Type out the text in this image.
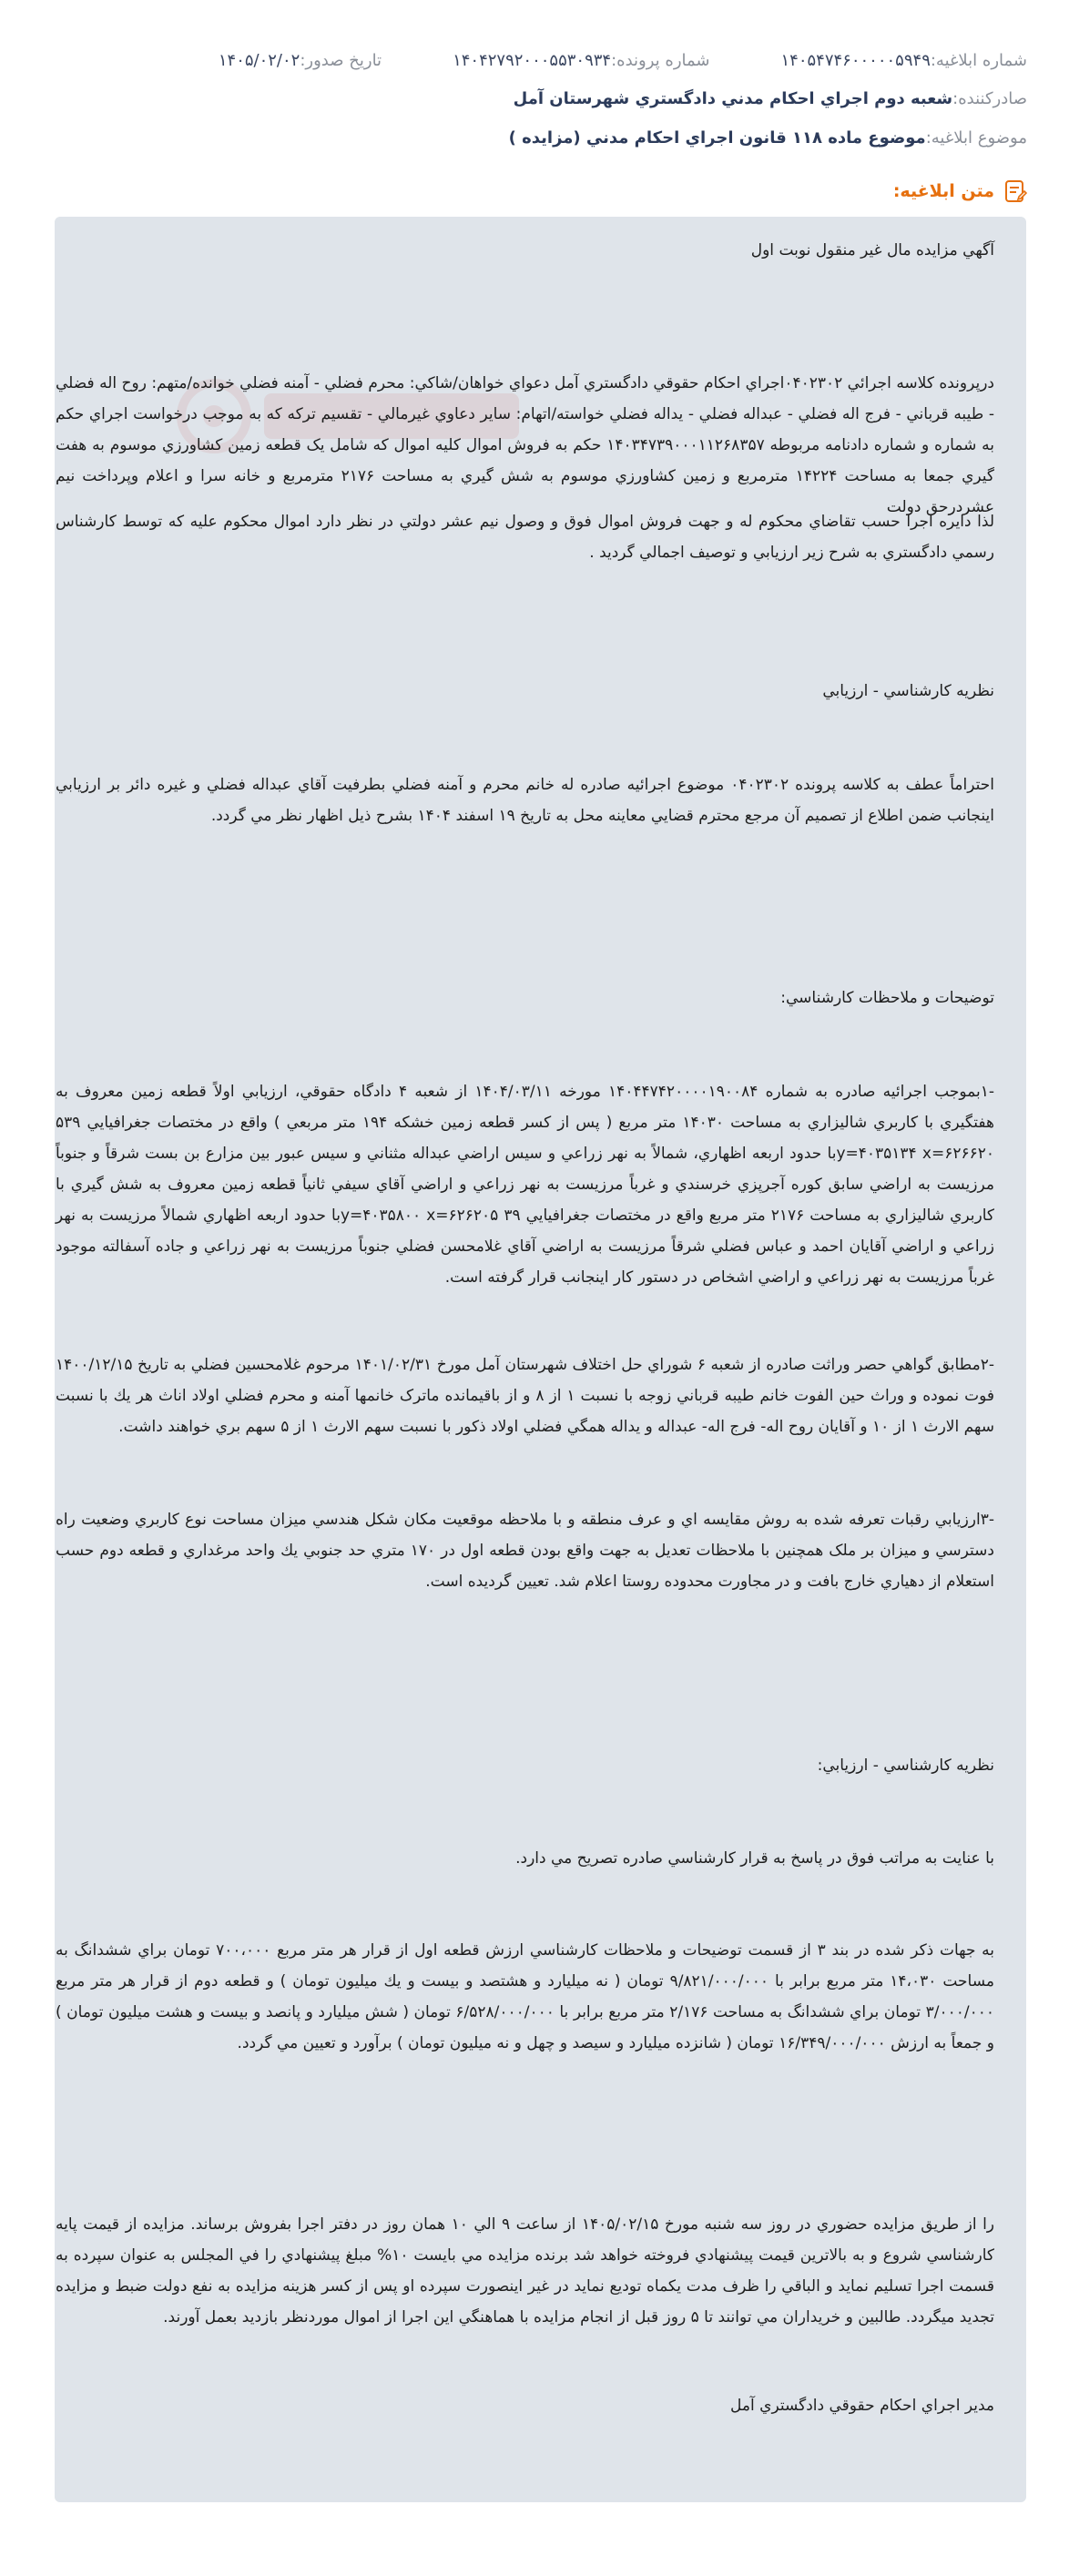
شماره ابلاغيه:
۱۴۰۵۴۷۴۶۰۰۰۰۰۵۹۴۹
شماره پرونده:
۱۴۰۴۲۷۹۲۰۰۰۵۵۳۰۹۳۴
تاريخ صدور:
۱۴۰۵/۰۲/۰۲
صادرکننده:
شعبه دوم اجراي احكام مدني دادگستري شهرستان آمل
موضوع ابلاغيه:
موضوع ماده ۱۱۸ قانون اجراي احکام مدني (مزايده )
متن ابلاغيه:
آگهي مزايده مال غير منقول نوبت اول
درپرونده كلاسه اجرائي ۰۴۰۲۳۰۲اجراي احكام حقوقي دادگستري آمل دعواي خواهان/شاكي: محرم فضلي - آمنه فضلي خوانده/متهم: روح اله فضلي - طيبه قرباني - فرج اله فضلي - عبداله فضلي - يداله فضلي خواسته/اتهام: ساير دعاوي غيرمالي - تقسيم ترکه که به موجب درخواست اجراي حکم به شماره و شماره دادنامه مربوطه ۱۴۰۳۴۷۳۹۰۰۰۱۱۲۶۸۳۵۷ حكم به فروش اموال كليه اموال كه شامل يک قطعه زمين کشاورزي موسوم به هفت گيري جمعا به مساحت ۱۴۲۲۴ مترمربع و زمين کشاورزي موسوم به شش گيري به مساحت ۲۱۷۶ مترمربع و خانه سرا و اعلام وپرداخت نيم عشردرحق دولت
لذا دايره اجرا حسب تقاضاي محكوم له و جهت فروش اموال فوق و وصول نيم عشر دولتي در نظر دارد اموال محكوم عليه كه توسط كارشناس رسمي دادگستري به شرح زير ارزيابي و توصيف اجمالي گرديد .
نظريه کارشناسي - ارزيابي
احتراماً عطف به کلاسه پرونده ۰۴۰۲۳۰۲ موضوع اجرائيه صادره له خانم محرم و آمنه فضلي بطرفيت آقاي عبداله فضلي و غيره دائر بر ارزيابي اينجانب ضمن اطلاع از تصميم آن مرجع محترم قضايي معاينه محل به تاريخ ۱۹ اسفند ۱۴۰۴ بشرح ذيل اظهار نظر مي گردد.
توضيحات و ملاحظات کارشناسي:
-۱بموجب اجرائيه صادره به شماره ۱۴۰۴۴۷۴۲۰۰۰۰۱۹۰۰۸۴ مورخه ۱۴۰۴/۰۳/۱۱ از شعبه ۴ دادگاه حقوقي، ارزيابي اولاً قطعه زمين معروف به هفتگيري با کاربري شاليزاري به مساحت ۱۴۰۳۰ متر مربع ( پس از کسر قطعه زمين خشکه ۱۹۴ متر مربعي ) واقع در مختصات جغرافيايي ۵۳۹ y=۴۰۳۵۱۳۴ x=۶۲۶۶۲۰با حدود اربعه اظهاري، شمالاً به نهر زراعي و سيس اراضي عبداله مثناني و سيس عبور بين مزارع بن بست شرقاً و جنوباً مرزيست به اراضي سابق کوره آجرپزي خرسندي و غرباً مرزيست به نهر زراعي و اراضي آقاي سيفي ثانياً قطعه زمين معروف به شش گيري با کاربري شاليزاري به مساحت ۲۱۷۶ متر مربع واقع در مختصات جغرافيايي ۳۹ y=۴۰۳۵۸۰۰ x=۶۲۶۲۰۵با حدود اربعه اظهاري شمالاً مرزيست به نهر زراعي و اراضي آقايان احمد و عباس فضلي شرقاً مرزيست به اراضي آقاي غلامحسن فضلي جنوباً مرزيست به نهر زراعي و جاده آسفالته موجود غرباً مرزيست به نهر زراعي و اراضي اشخاص در دستور کار اينجانب قرار گرفته است.
-۲مطابق گواهي حصر وراثت صادره از شعبه ۶ شوراي حل اختلاف شهرستان آمل مورخ ۱۴۰۱/۰۲/۳۱ مرحوم غلامحسين فضلي به تاريخ ۱۴۰۰/۱۲/۱۵ فوت نموده و وراث حين الفوت خانم طيبه قرباني زوجه با نسبت ۱ از ۸ و از باقيمانده ماترک خانمها آمنه و محرم فضلي اولاد اناث هر يك با نسبت سهم الارث ۱ از ۱۰ و آقايان روح اله- فرج اله- عبداله و يداله همگي فضلي اولاد ذکور با نسبت سهم الارث ۱ از ۵ سهم بري خواهند داشت.
-۳ارزيابي رقبات تعرفه شده به روش مقايسه اي و عرف منطقه و با ملاحظه موقعيت مکان شکل هندسي ميزان مساحت نوع کاربري وضعيت راه دسترسي و ميزان بر ملک همچنين با ملاحظات تعديل به جهت واقع بودن قطعه اول در ۱۷۰ متري حد جنوبي يك واحد مرغداري و قطعه دوم حسب استعلام از دهياري خارج بافت و در مجاورت محدوده روستا اعلام شد. تعيين گرديده است.
نظريه کارشناسي - ارزيابي:
با عنايت به مراتب فوق در پاسخ به قرار کارشناسي صادره تصريح مي دارد.
به جهات ذکر شده در بند ۳ از قسمت توضيحات و ملاحظات کارشناسي ارزش قطعه اول از قرار هر متر مربع ۷۰۰،۰۰۰ تومان براي ششدانگ به مساحت ۱۴،۰۳۰ متر مربع برابر با ۹/۸۲۱/۰۰۰/۰۰۰ تومان ( نه ميليارد و هشتصد و بيست و يك ميليون تومان ) و قطعه دوم از قرار هر متر مربع ۳/۰۰۰/۰۰۰ تومان براي ششدانگ به مساحت ۲/۱۷۶ متر مربع برابر با ۶/۵۲۸/۰۰۰/۰۰۰ تومان ( شش ميليارد و پانصد و بيست و هشت ميليون تومان ) و جمعاً به ارزش ۱۶/۳۴۹/۰۰۰/۰۰۰ تومان ( شانزده ميليارد و سيصد و چهل و نه ميليون تومان ) برآورد و تعيين مي گردد.
را از طريق مزايده حضوري در روز سه شنبه مورخ ۱۴۰۵/۰۲/۱۵ از ساعت ۹ الي ۱۰ همان روز در دفتر اجرا بفروش برساند. مزايده از قيمت پايه كارشناسي شروع و به بالاترين قيمت پيشنهادي فروخته خواهد شد برنده مزايده مي بايست ۱۰% مبلغ پيشنهادي را في المجلس به عنوان سپرده به قسمت اجرا تسليم نمايد و الباقي را ظرف مدت يكماه توديع نمايد در غير اينصورت سپرده او پس از كسر هزينه مزايده به نفع دولت ضبط و مزايده تجديد ميگردد. طالبين و خريداران مي توانند تا ۵ روز قبل از انجام مزايده با هماهنگي اين اجرا از اموال موردنظر بازديد بعمل آورند.
مدير اجراي احكام حقوقي دادگستري آمل
